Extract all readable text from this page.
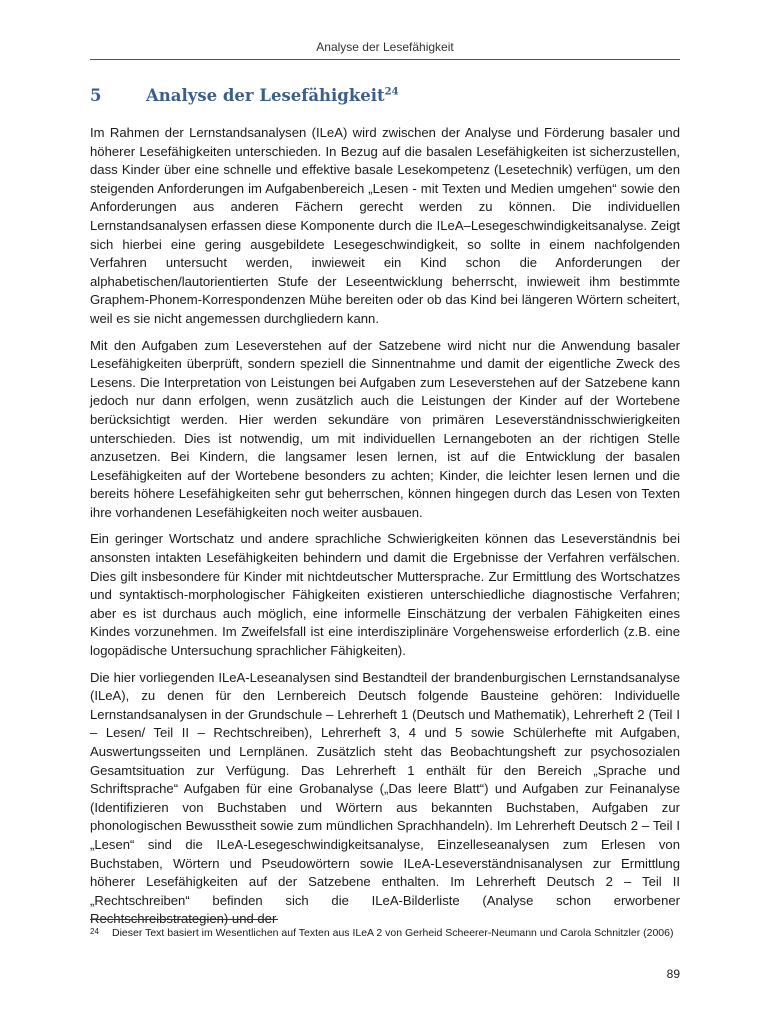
Analyse der Lesefähigkeit
5	Analyse der Lesefähigkeit$^{24}$

Im Rahmen der Lernstandsanalysen (ILeA) wird zwischen der Analyse und Förderung basaler und höherer Lesefähigkeiten unterschieden. In Bezug auf die basalen Lesefähigkeiten ist sicherzustellen, dass Kinder über eine schnelle und effektive basale Lesekompetenz (Lesetechnik) verfügen, um den steigenden Anforderungen im Aufgabenbereich „Lesen - mit Texten und Medien umgehen“ sowie den Anforderungen aus anderen Fächern gerecht werden zu können. Die individuellen Lernstandsanalysen erfassen diese Komponente durch die ILeA–Lesegeschwindigkeitsanalyse. Zeigt sich hierbei eine gering ausgebildete Lesegeschwindigkeit, so sollte in einem nachfolgenden Verfahren untersucht werden, inwieweit ein Kind schon die Anforderungen der alphabetischen/lautorientierten Stufe der Leseentwicklung beherrscht, inwieweit ihm bestimmte Graphem-Phonem-Korrespondenzen Mühe bereiten oder ob das Kind bei längeren Wörtern scheitert, weil es sie nicht angemessen durchgliedern kann.

Mit den Aufgaben zum Leseverstehen auf der Satzebene wird nicht nur die Anwendung basaler Lesefähigkeiten überprüft, sondern speziell die Sinnentnahme und damit der eigentliche Zweck des Lesens. Die Interpretation von Leistungen bei Aufgaben zum Leseverstehen auf der Satzebene kann jedoch nur dann erfolgen, wenn zusätzlich auch die Leistungen der Kinder auf der Wortebene berücksichtigt werden. Hier werden sekundäre von primären Leseverständnisschwierigkeiten unterschieden. Dies ist notwendig, um mit individuellen Lernangeboten an der richtigen Stelle anzusetzen. Bei Kindern, die langsamer lesen lernen, ist auf die Entwicklung der basalen Lesefähigkeiten auf der Wortebene besonders zu achten; Kinder, die leichter lesen lernen und die bereits höhere Lesefähigkeiten sehr gut beherrschen, können hingegen durch das Lesen von Texten ihre vorhandenen Lesefähigkeiten noch weiter ausbauen.

Ein geringer Wortschatz und andere sprachliche Schwierigkeiten können das Leseverständnis bei ansonsten intakten Lesefähigkeiten behindern und damit die Ergebnisse der Verfahren verfälschen. Dies gilt insbesondere für Kinder mit nichtdeutscher Muttersprache. Zur Ermittlung des Wortschatzes und syntaktisch-morphologischer Fähigkeiten existieren unterschiedliche diagnostische Verfahren; aber es ist durchaus auch möglich, eine informelle Einschätzung der verbalen Fähigkeiten eines Kindes vorzunehmen. Im Zweifelsfall ist eine interdisziplinäre Vorgehensweise erforderlich (z.B. eine logopädische Untersuchung sprachlicher Fähigkeiten).

Die hier vorliegenden ILeA-Leseanalysen sind Bestandteil der brandenburgischen Lernstandsanalyse (ILeA), zu denen für den Lernbereich Deutsch folgende Bausteine gehören: Individuelle Lernstandsanalysen in der Grundschule – Lehrerheft 1 (Deutsch und Mathematik), Lehrerheft 2 (Teil I – Lesen/ Teil II – Rechtschreiben), Lehrerheft 3, 4 und 5 sowie Schülerhefte mit Aufgaben, Auswertungsseiten und Lernplänen. Zusätzlich steht das Beobachtungsheft zur psychosozialen Gesamtsituation zur Verfügung. Das Lehrerheft 1 enthält für den Bereich „Sprache und Schriftsprache“ Aufgaben für eine Grobanalyse („Das leere Blatt“) und Aufgaben zur Feinanalyse (Identifizieren von Buchstaben und Wörtern aus bekannten Buchstaben, Aufgaben zur phonologischen Bewusstheit sowie zum mündlichen Sprachhandeln). Im Lehrerheft Deutsch 2 – Teil I „Lesen“ sind die ILeA-Lesegeschwindigkeitsanalyse, Einzelleseanalysen zum Erlesen von Buchstaben, Wörtern und Pseudowörtern sowie ILeA-Leseverständnisanalysen zur Ermittlung höherer Lesefähigkeiten auf der Satzebene enthalten. Im Lehrerheft Deutsch 2 – Teil II „Rechtschreiben“ befinden sich die ILeA-Bilderliste (Analyse schon erworbener Rechtschreibstrategien) und der

24 Dieser Text basiert im Wesentlichen auf Texten aus ILeA 2 von Gerheid Scheerer-Neumann und Carola Schnitzler (2006)
89
